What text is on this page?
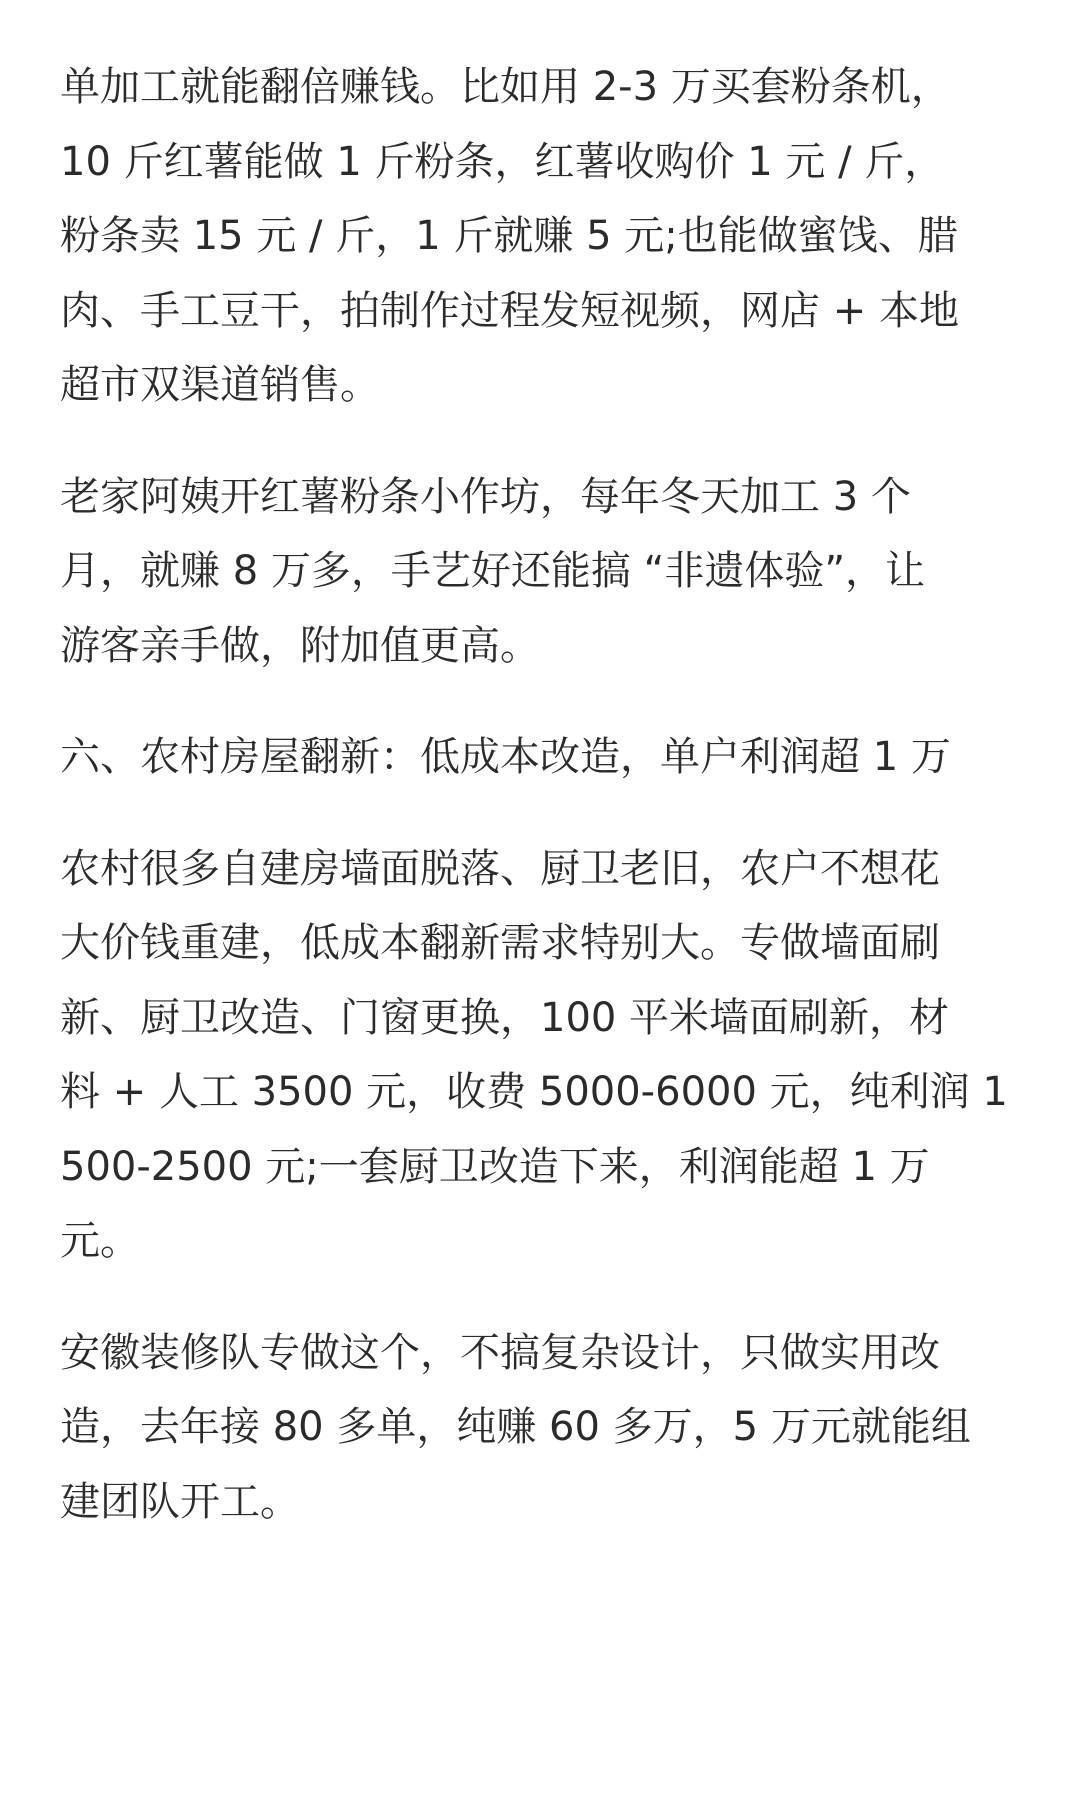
单加工就能翻倍赚钱。比如用 2-3 万买套粉条机，
10 斤红薯能做 1 斤粉条，红薯收购价 1 元 / 斤，
粉条卖 15 元 / 斤，1 斤就赚 5 元;也能做蜜饯、腊
肉、手工豆干，拍制作过程发短视频，网店 + 本地
超市双渠道销售。

老家阿姨开红薯粉条小作坊，每年冬天加工 3 个
月，就赚 8 万多，手艺好还能搞 “非遗体验”，让
游客亲手做，附加值更高。

六、农村房屋翻新：低成本改造，单户利润超 1 万

农村很多自建房墙面脱落、厨卫老旧，农户不想花
大价钱重建，低成本翻新需求特别大。专做墙面刷
新、厨卫改造、门窗更换，100 平米墙面刷新，材
料 + 人工 3500 元，收费 5000-6000 元，纯利润 1
500-2500 元;一套厨卫改造下来，利润能超 1 万
元。

安徽装修队专做这个，不搞复杂设计，只做实用改
造，去年接 80 多单，纯赚 60 多万，5 万元就能组
建团队开工。
